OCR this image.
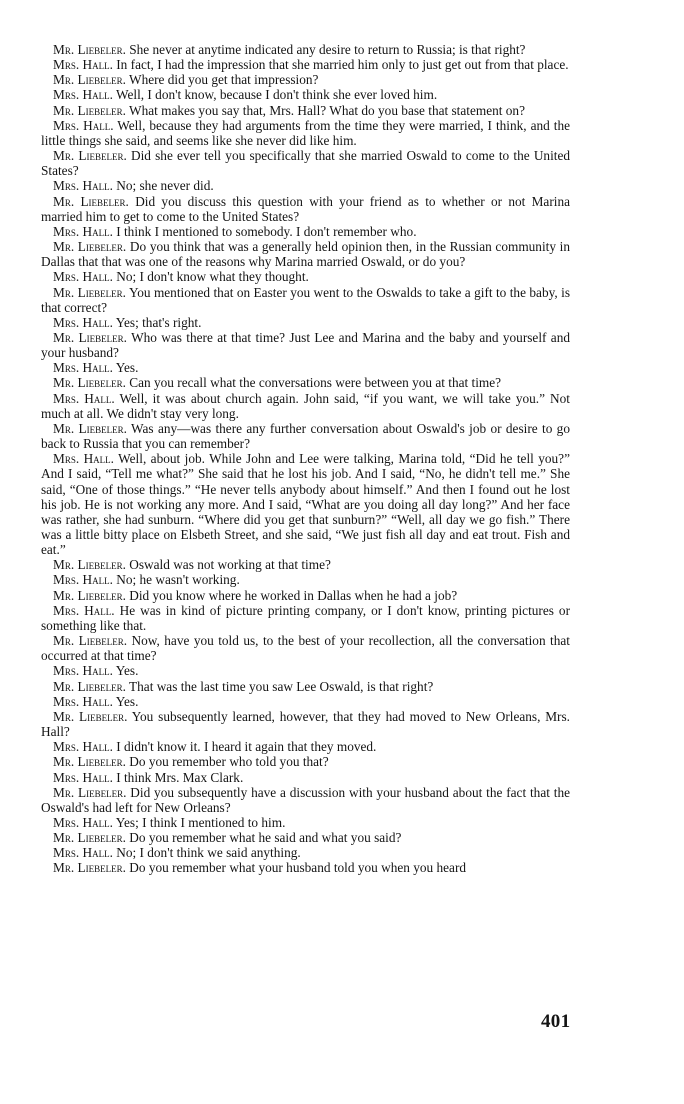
Mr. Liebeler. She never at anytime indicated any desire to return to Russia; is that right?

Mrs. Hall. In fact, I had the impression that she married him only to just get out from that place.

Mr. Liebeler. Where did you get that impression?

Mrs. Hall. Well, I don't know, because I don't think she ever loved him.

Mr. Liebeler. What makes you say that, Mrs. Hall? What do you base that statement on?

Mrs. Hall. Well, because they had arguments from the time they were married, I think, and the little things she said, and seems like she never did like him.

Mr. Liebeler. Did she ever tell you specifically that she married Oswald to come to the United States?

Mrs. Hall. No; she never did.

Mr. Liebeler. Did you discuss this question with your friend as to whether or not Marina married him to get to come to the United States?

Mrs. Hall. I think I mentioned to somebody. I don't remember who.

Mr. Liebeler. Do you think that was a generally held opinion then, in the Russian community in Dallas that that was one of the reasons why Marina married Oswald, or do you?

Mrs. Hall. No; I don't know what they thought.

Mr. Liebeler. You mentioned that on Easter you went to the Oswalds to take a gift to the baby, is that correct?

Mrs. Hall. Yes; that's right.

Mr. Liebeler. Who was there at that time? Just Lee and Marina and the baby and yourself and your husband?

Mrs. Hall. Yes.

Mr. Liebeler. Can you recall what the conversations were between you at that time?

Mrs. Hall. Well, it was about church again. John said, “if you want, we will take you.” Not much at all. We didn't stay very long.

Mr. Liebeler. Was any—was there any further conversation about Oswald's job or desire to go back to Russia that you can remember?

Mrs. Hall. Well, about job. While John and Lee were talking, Marina told, “Did he tell you?” And I said, “Tell me what?” She said that he lost his job. And I said, “No, he didn't tell me.” She said, “One of those things.” “He never tells anybody about himself.” And then I found out he lost his job. He is not working any more. And I said, “What are you doing all day long?” And her face was rather, she had sunburn. “Where did you get that sunburn?” “Well, all day we go fish.” There was a little bitty place on Elsbeth Street, and she said, “We just fish all day and eat trout. Fish and eat.”

Mr. Liebeler. Oswald was not working at that time?

Mrs. Hall. No; he wasn't working.

Mr. Liebeler. Did you know where he worked in Dallas when he had a job?

Mrs. Hall. He was in kind of picture printing company, or I don't know, printing pictures or something like that.

Mr. Liebeler. Now, have you told us, to the best of your recollection, all the conversation that occurred at that time?

Mrs. Hall. Yes.

Mr. Liebeler. That was the last time you saw Lee Oswald, is that right?

Mrs. Hall. Yes.

Mr. Liebeler. You subsequently learned, however, that they had moved to New Orleans, Mrs. Hall?

Mrs. Hall. I didn't know it. I heard it again that they moved.

Mr. Liebeler. Do you remember who told you that?

Mrs. Hall. I think Mrs. Max Clark.

Mr. Liebeler. Did you subsequently have a discussion with your husband about the fact that the Oswald's had left for New Orleans?

Mrs. Hall. Yes; I think I mentioned to him.

Mr. Liebeler. Do you remember what he said and what you said?

Mrs. Hall. No; I don't think we said anything.

Mr. Liebeler. Do you remember what your husband told you when you heard

401
